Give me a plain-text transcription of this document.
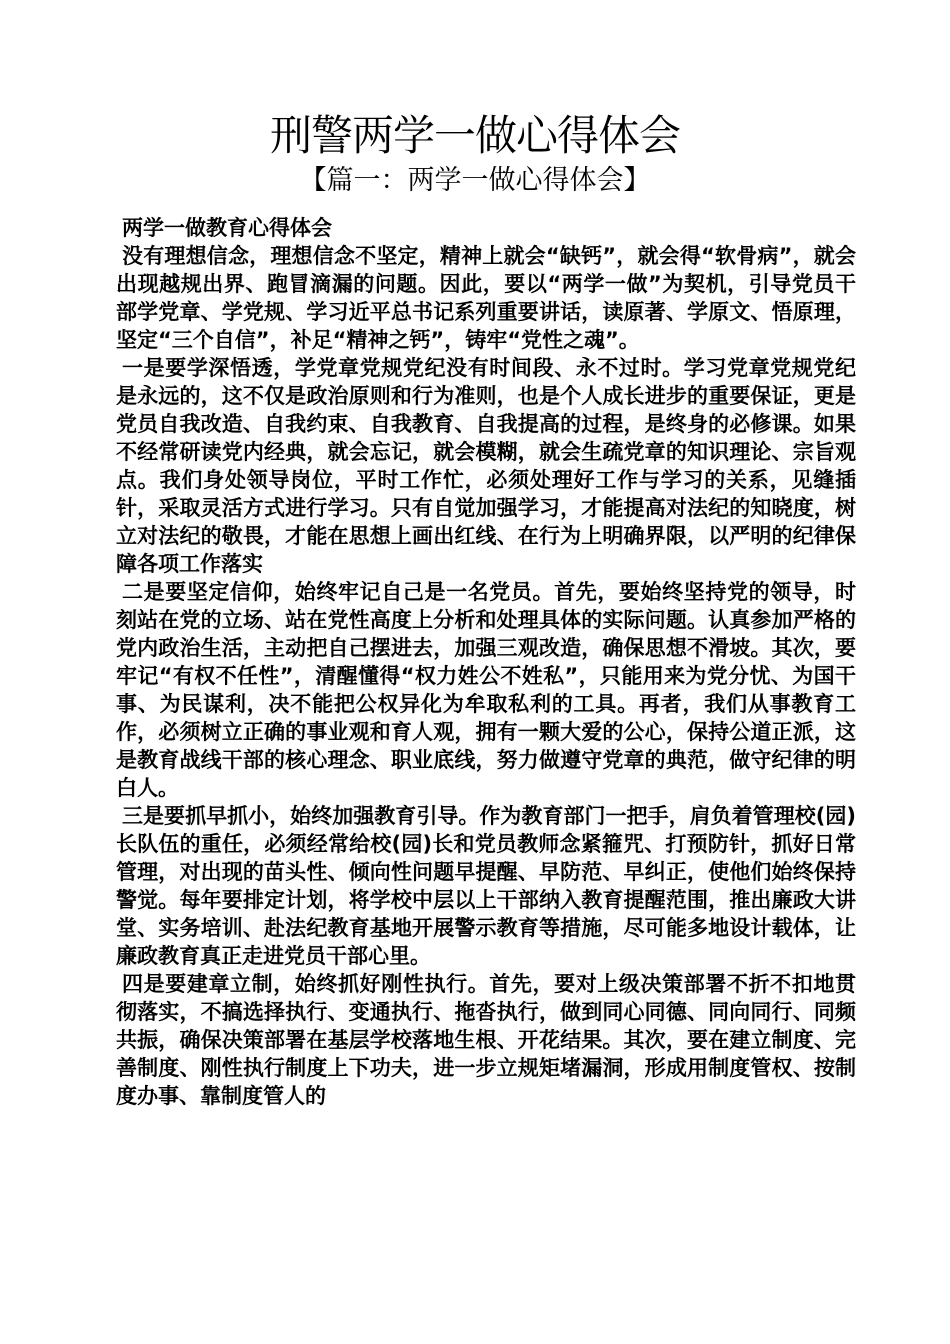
刑警两学一做心得体会
【篇一：两学一做心得体会】

两学一做教育心得体会

没有理想信念，理想信念不坚定，精神上就会“缺钙”，就会得“软骨病”，就会出现越规出界、跑冒滴漏的问题。因此，要以“两学一做”为契机，引导党员干部学党章、学党规、学习近平总书记系列重要讲话，读原著、学原文、悟原理，坚定“三个自信”，补足“精神之钙”，铸牢“党性之魂”。

一是要学深悟透，学党章党规党纪没有时间段、永不过时。学习党章党规党纪是永远的，这不仅是政治原则和行为准则，也是个人成长进步的重要保证，更是党员自我改造、自我约束、自我教育、自我提高的过程，是终身的必修课。如果不经常研读党内经典，就会忘记，就会模糊，就会生疏党章的知识理论、宗旨观点。我们身处领导岗位，平时工作忙，必须处理好工作与学习的关系，见缝插针，采取灵活方式进行学习。只有自觉加强学习，才能提高对法纪的知晓度，树立对法纪的敬畏，才能在思想上画出红线、在行为上明确界限，以严明的纪律保障各项工作落实

二是要坚定信仰，始终牢记自己是一名党员。首先，要始终坚持党的领导，时刻站在党的立场、站在党性高度上分析和处理具体的实际问题。认真参加严格的党内政治生活，主动把自己摆进去，加强三观改造，确保思想不滑坡。其次，要牢记“有权不任性”，清醒懂得“权力姓公不姓私”，只能用来为党分忧、为国干事、为民谋利，决不能把公权异化为牟取私利的工具。再者，我们从事教育工作，必须树立正确的事业观和育人观，拥有一颗大爱的公心，保持公道正派，这是教育战线干部的核心理念、职业底线，努力做遵守党章的典范，做守纪律的明白人。

三是要抓早抓小，始终加强教育引导。作为教育部门一把手，肩负着管理校(园)长队伍的重任，必须经常给校(园)长和党员教师念紧箍咒、打预防针，抓好日常管理，对出现的苗头性、倾向性问题早提醒、早防范、早纠正，使他们始终保持警觉。每年要排定计划，将学校中层以上干部纳入教育提醒范围，推出廉政大讲堂、实务培训、赴法纪教育基地开展警示教育等措施，尽可能多地设计载体，让廉政教育真正走进党员干部心里。

四是要建章立制，始终抓好刚性执行。首先，要对上级决策部署不折不扣地贯彻落实，不搞选择执行、变通执行、拖沓执行，做到同心同德、同向同行、同频共振，确保决策部署在基层学校落地生根、开花结果。其次，要在建立制度、完善制度、刚性执行制度上下功夫，进一步立规矩堵漏洞，形成用制度管权、按制度办事、靠制度管人的
